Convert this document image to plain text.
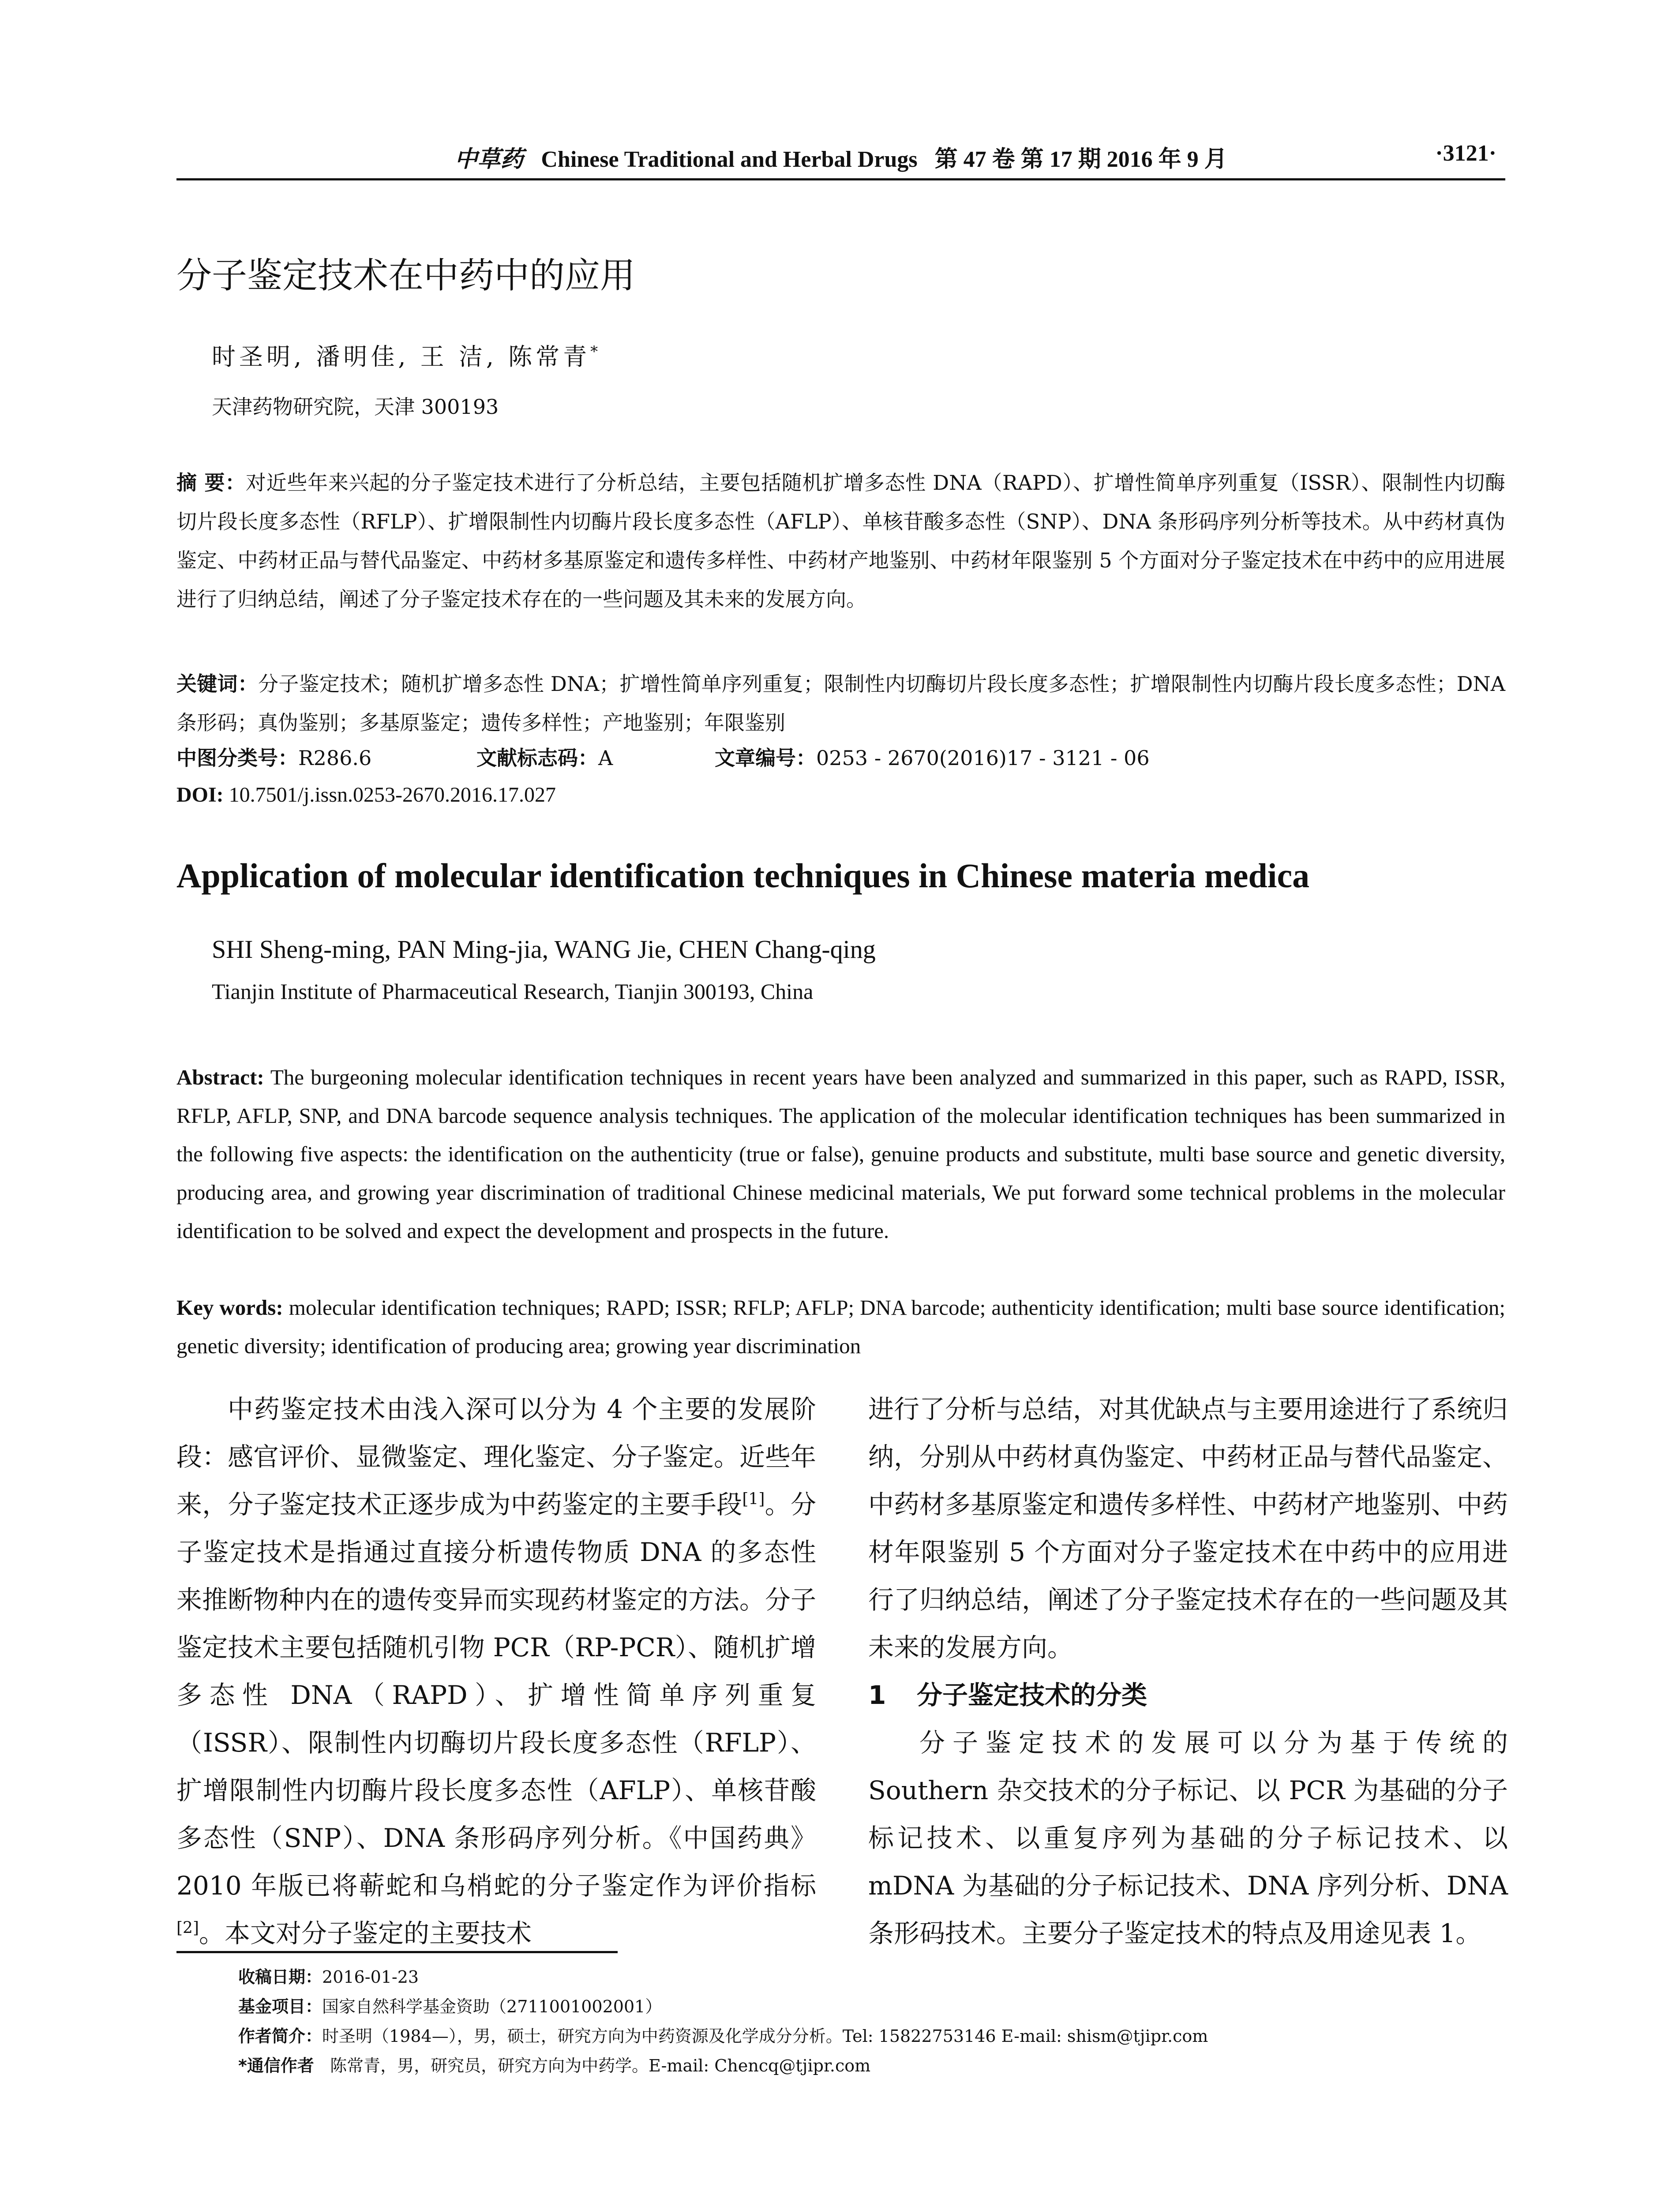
中草药 Chinese Traditional and Herbal Drugs 第 47 卷 第 17 期 2016 年 9 月	·3121·
分子鉴定技术在中药中的应用
时圣明, 潘明佳, 王 洁, 陈常青*
天津药物研究院，天津 300193
摘 要：对近些年来兴起的分子鉴定技术进行了分析总结，主要包括随机扩增多态性 DNA（RAPD）、扩增性简单序列重复（ISSR）、限制性内切酶切片段长度多态性（RFLP）、扩增限制性内切酶片段长度多态性（AFLP）、单核苷酸多态性（SNP）、DNA 条形码序列分析等技术。从中药材真伪鉴定、中药材正品与替代品鉴定、中药材多基原鉴定和遗传多样性、中药材产地鉴别、中药材年限鉴别 5 个方面对分子鉴定技术在中药中的应用进展进行了归纳总结，阐述了分子鉴定技术存在的一些问题及其未来的发展方向。
关键词：分子鉴定技术；随机扩增多态性 DNA；扩增性简单序列重复；限制性内切酶切片段长度多态性；扩增限制性内切酶片段长度多态性；DNA 条形码；真伪鉴别；多基原鉴定；遗传多样性；产地鉴别；年限鉴别
中图分类号：R286.6	文献标志码：A	文章编号：0253 - 2670(2016)17 - 3121 - 06
DOI: 10.7501/j.issn.0253-2670.2016.17.027
Application of molecular identification techniques in Chinese materia medica
SHI Sheng-ming, PAN Ming-jia, WANG Jie, CHEN Chang-qing
Tianjin Institute of Pharmaceutical Research, Tianjin 300193, China
Abstract: The burgeoning molecular identification techniques in recent years have been analyzed and summarized in this paper, such as RAPD, ISSR, RFLP, AFLP, SNP, and DNA barcode sequence analysis techniques. The application of the molecular identification techniques has been summarized in the following five aspects: the identification on the authenticity (true or false), genuine products and substitute, multi base source and genetic diversity, producing area, and growing year discrimination of traditional Chinese medicinal materials, We put forward some technical problems in the molecular identification to be solved and expect the development and prospects in the future.
Key words: molecular identification techniques; RAPD; ISSR; RFLP; AFLP; DNA barcode; authenticity identification; multi base source identification; genetic diversity; identification of producing area; growing year discrimination

中药鉴定技术由浅入深可以分为 4 个主要的发展阶段：感官评价、显微鉴定、理化鉴定、分子鉴定。近些年来，分子鉴定技术正逐步成为中药鉴定的主要手段[1]。分子鉴定技术是指通过直接分析遗传物质 DNA 的多态性来推断物种内在的遗传变异而实现药材鉴定的方法。分子鉴定技术主要包括随机引物 PCR（RP-PCR）、随机扩增多态性 DNA（RAPD）、扩增性简单序列重复（ISSR）、限制性内切酶切片段长度多态性（RFLP）、扩增限制性内切酶片段长度多态性（AFLP）、单核苷酸多态性（SNP）、DNA 条形码序列分析。《中国药典》2010 年版已将蕲蛇和乌梢蛇的分子鉴定作为评价指标[2]。本文对分子鉴定的主要技术

进行了分析与总结，对其优缺点与主要用途进行了系统归纳，分别从中药材真伪鉴定、中药材正品与替代品鉴定、中药材多基原鉴定和遗传多样性、中药材产地鉴别、中药材年限鉴别 5 个方面对分子鉴定技术在中药中的应用进行了归纳总结，阐述了分子鉴定技术存在的一些问题及其未来的发展方向。

1 分子鉴定技术的分类

分子鉴定技术的发展可以分为基于传统的 Southern 杂交技术的分子标记、以 PCR 为基础的分子标记技术、以重复序列为基础的分子标记技术、以 mDNA 为基础的分子标记技术、DNA 序列分析、DNA 条形码技术。主要分子鉴定技术的特点及用途见表 1。

收稿日期：2016-01-23
基金项目：国家自然科学基金资助（2711001002001）
作者简介：时圣明（1984—），男，硕士，研究方向为中药资源及化学成分分析。Tel: 15822753146 E-mail: shism@tjipr.com
*通信作者 陈常青，男，研究员，研究方向为中药学。E-mail: Chencq@tjipr.com
